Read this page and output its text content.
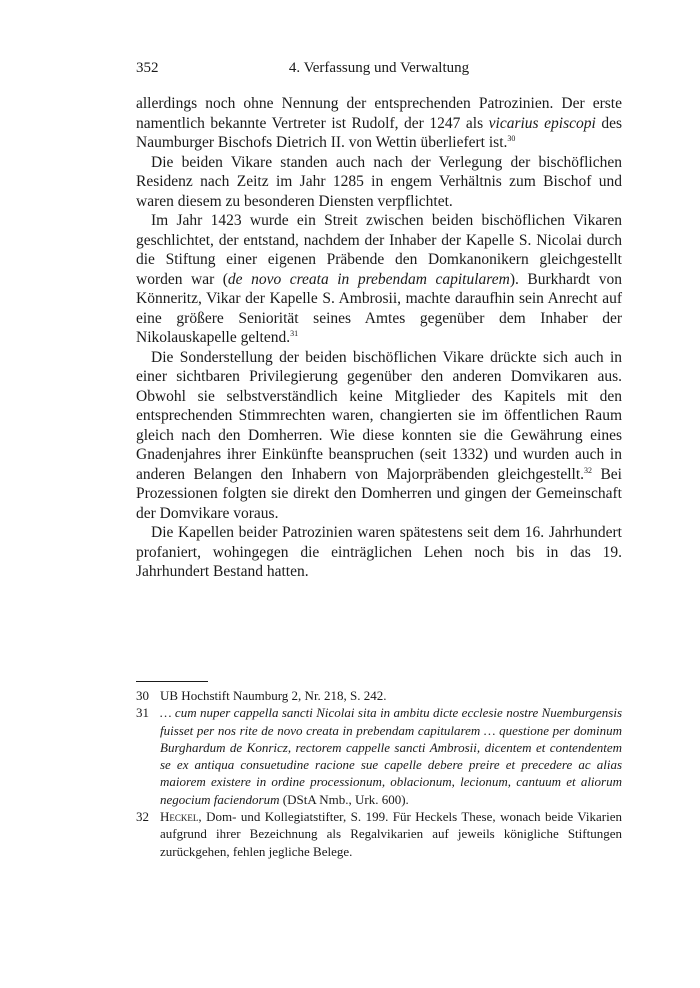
352	4. Verfassung und Verwaltung

allerdings noch ohne Nennung der entsprechenden Patrozinien. Der erste namentlich bekannte Vertreter ist Rudolf, der 1247 als vicarius episcopi des Naumburger Bischofs Dietrich II. von Wettin überliefert ist.$^{30}$

Die beiden Vikare standen auch nach der Verlegung der bischöflichen Residenz nach Zeitz im Jahr 1285 in engem Verhältnis zum Bischof und waren diesem zu besonderen Diensten verpflichtet.

Im Jahr 1423 wurde ein Streit zwischen beiden bischöflichen Vikaren geschlichtet, der entstand, nachdem der Inhaber der Kapelle S. Nicolai durch die Stiftung einer eigenen Präbende den Domkanonikern gleichgestellt worden war (de novo creata in prebendam capitularem). Burkhardt von Könneritz, Vikar der Kapelle S. Ambrosii, machte daraufhin sein Anrecht auf eine größere Seniorität seines Amtes gegenüber dem Inhaber der Nikolauskapelle geltend.$^{31}$

Die Sonderstellung der beiden bischöflichen Vikare drückte sich auch in einer sichtbaren Privilegierung gegenüber den anderen Domvikaren aus. Obwohl sie selbstverständlich keine Mitglieder des Kapitels mit den entsprechenden Stimmrechten waren, changierten sie im öffentlichen Raum gleich nach den Domherren. Wie diese konnten sie die Gewährung eines Gnadenjahres ihrer Einkünfte beanspruchen (seit 1332) und wurden auch in anderen Belangen den Inhabern von Majorpräbenden gleichgestellt.$^{32}$ Bei Prozessionen folgten sie direkt den Domherren und gingen der Gemeinschaft der Domvikare voraus.

Die Kapellen beider Patrozinien waren spätestens seit dem 16. Jahrhundert profaniert, wohingegen die einträglichen Lehen noch bis in das 19. Jahrhundert Bestand hatten.

30 UB Hochstift Naumburg 2, Nr. 218, S. 242.
31 … cum nuper cappella sancti Nicolai sita in ambitu dicte ecclesie nostre Nuemburgensis fuisset per nos rite de novo creata in prebendam capitularem … questione per dominum Burghardum de Konricz, rectorem cappelle sancti Ambrosii, dicentem et contendentem se ex antiqua consuetudine racione sue capelle debere preire et precedere ac alias maiorem existere in ordine processionum, oblacionum, lecionum, cantuum et aliorum negocium faciendorum (DStA Nmb., Urk. 600).
32 Heckel, Dom- und Kollegiatstifter, S. 199. Für Heckels These, wonach beide Vikarien aufgrund ihrer Bezeichnung als Regalvikarien auf jeweils königliche Stiftungen zurückgehen, fehlen jegliche Belege.
